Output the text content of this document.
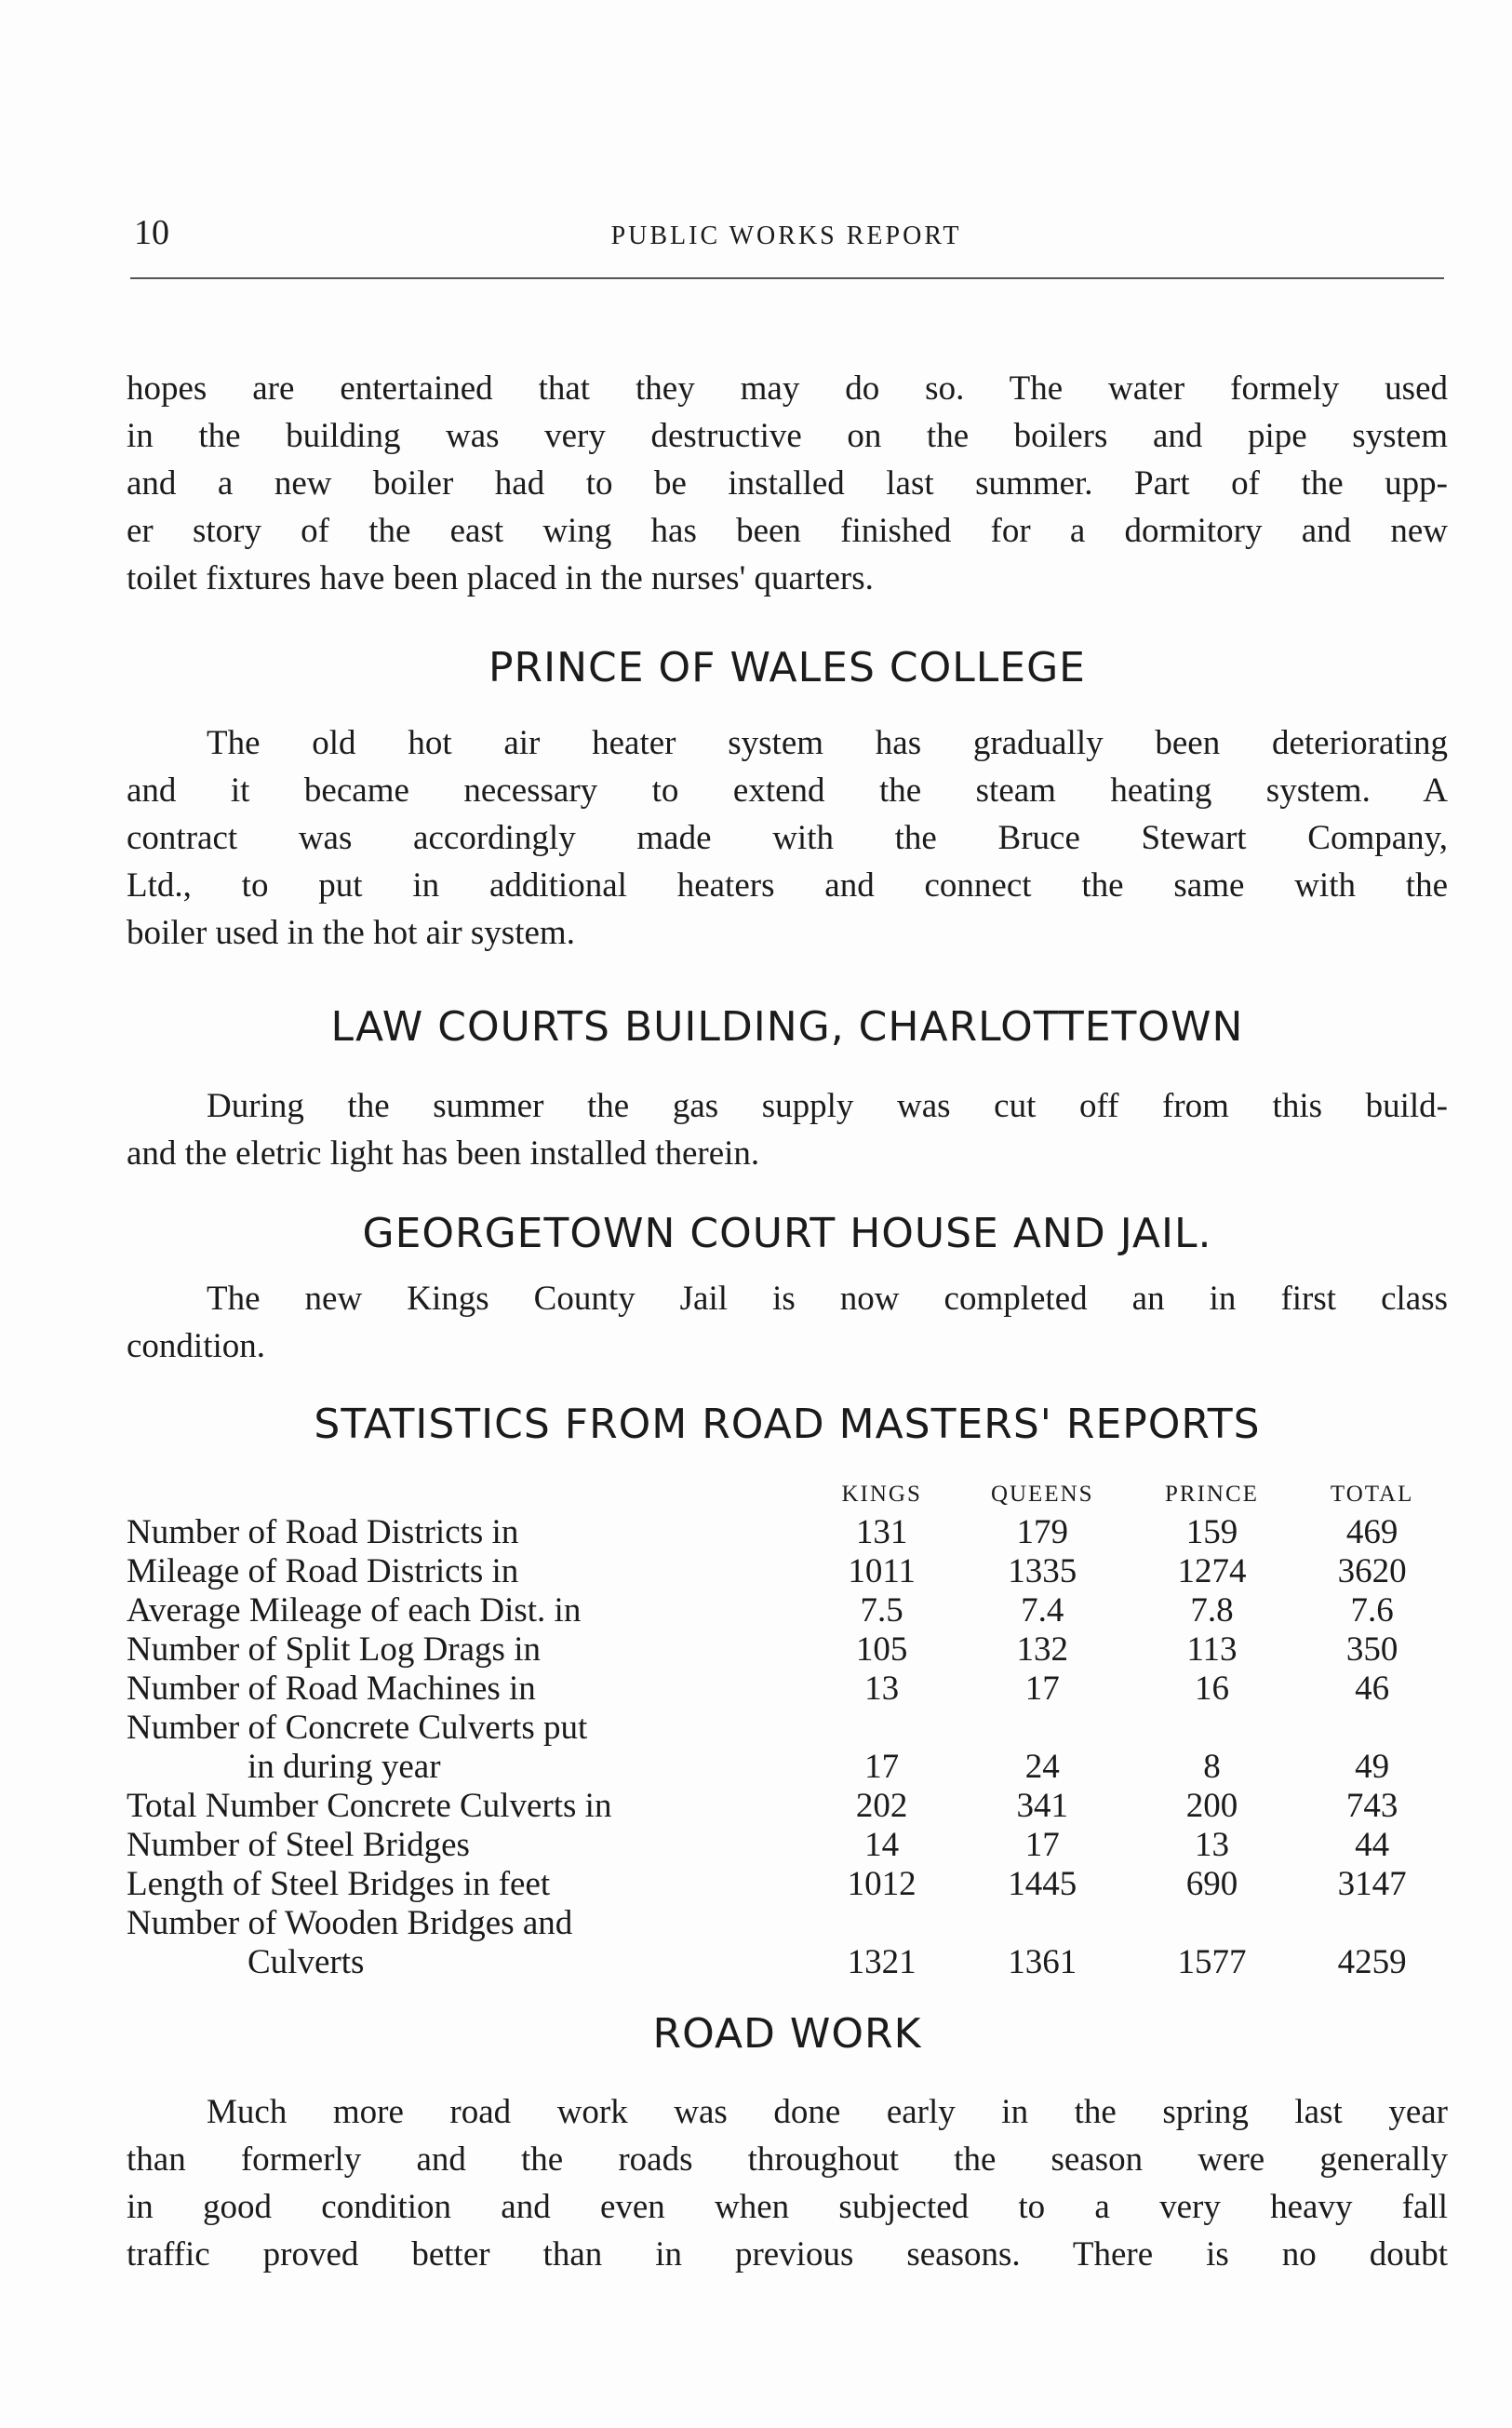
10	PUBLIC WORKS REPORT

hopes are entertained that they may do so. The water formely used
in the building was very destructive on the boilers and pipe system
and a new boiler had to be installed last summer. Part of the upp-
er story of the east wing has been finished for a dormitory and new
toilet fixtures have been placed in the nurses' quarters.

PRINCE OF WALES COLLEGE

The old hot air heater system has gradually been deteriorating
and it became necessary to extend the steam heating system. A
contract was accordingly made with the Bruce Stewart Company,
Ltd., to put in additional heaters and connect the same with the
boiler used in the hot air system.

LAW COURTS BUILDING, CHARLOTTETOWN

During the summer the gas supply was cut off from this build-
and the eletric light has been installed therein.

GEORGETOWN COURT HOUSE AND JAIL.

The new Kings County Jail is now completed an in first class
condition.

STATISTICS FROM ROAD MASTERS' REPORTS
	KINGS	QUEENS	PRINCE	TOTAL
Number of Road Districts in	131	179	159	469
Mileage of Road Districts in	1011	1335	1274	3620
Average Mileage of each Dist. in	7.5	7.4	7.8	7.6
Number of Split Log Drags in	105	132	113	350
Number of Road Machines in	13	17	16	46
Number of Concrete Culverts put				
in during year	17	24	8	49
Total Number Concrete Culverts in	202	341	200	743
Number of Steel Bridges	14	17	13	44
Length of Steel Bridges in feet	1012	1445	690	3147
Number of Wooden Bridges and				
Culverts	1321	1361	1577	4259
ROAD WORK

Much more road work was done early in the spring last year
than formerly and the roads throughout the season were generally
in good condition and even when subjected to a very heavy fall
traffic proved better than in previous seasons. There is no doubt
